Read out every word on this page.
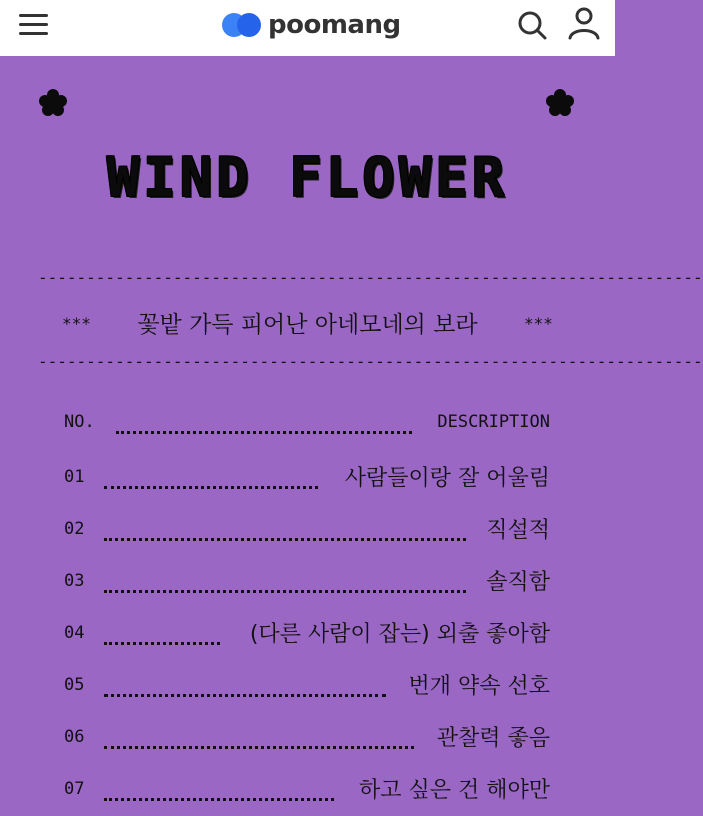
poomang
WIND FLOWER
---------------------------------------------------------------------
***	꽃밭 가득 피어난 아네모네의 보라	***
---------------------------------------------------------------------
NO.	DESCRIPTION
01	사람들이랑 잘 어울림
02	직설적
03	솔직함
04	(다른 사람이 잡는) 외출 좋아함
05	번개 약속 선호
06	관찰력 좋음
07	하고 싶은 건 해야만
